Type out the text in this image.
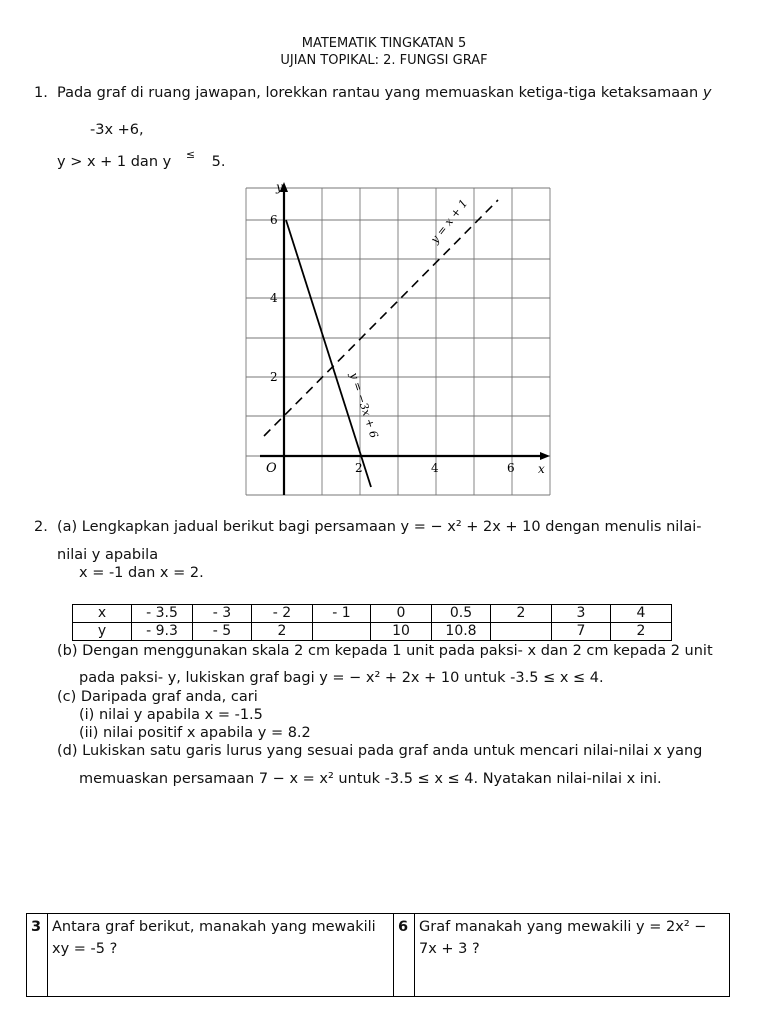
MATEMATIK TINGKATAN 5
UJIAN TOPIKAL: 2. FUNGSI GRAF
1. Pada graf di ruang jawapan, lorekkan rantau yang memuaskan ketiga-tiga ketaksamaan y
-3x +6,
y > x + 1 dan y ≤ 5.
y
x
O	2	4	6
2
4
6	y = x + 1
y = −3x + 6
2. (a) Lengkapkan jadual berikut bagi persamaan y = − x² + 2x + 10 dengan menulis nilai-
nilai y apabila
x = -1 dan x = 2.
x	- 3.5	- 3	- 2	- 1	0	0.5	2	3	4
y	- 9.3	- 5	2		10	10.8		7	2
(b) Dengan menggunakan skala 2 cm kepada 1 unit pada paksi- x dan 2 cm kepada 2 unit
pada paksi- y, lukiskan graf bagi y = − x² + 2x + 10 untuk -3.5 ≤ x ≤ 4.
(c) Daripada graf anda, cari
(i) nilai y apabila x = -1.5
(ii) nilai positif x apabila y = 8.2
(d) Lukiskan satu garis lurus yang sesuai pada graf anda untuk mencari nilai-nilai x yang
memuaskan persamaan 7 − x = x² untuk -3.5 ≤ x ≤ 4. Nyatakan nilai-nilai x ini.
3	Antara graf berikut, manakah yang mewakili
xy = -5 ?
	6	Graf manakah yang mewakili y = 2x² −
7x + 3 ?
